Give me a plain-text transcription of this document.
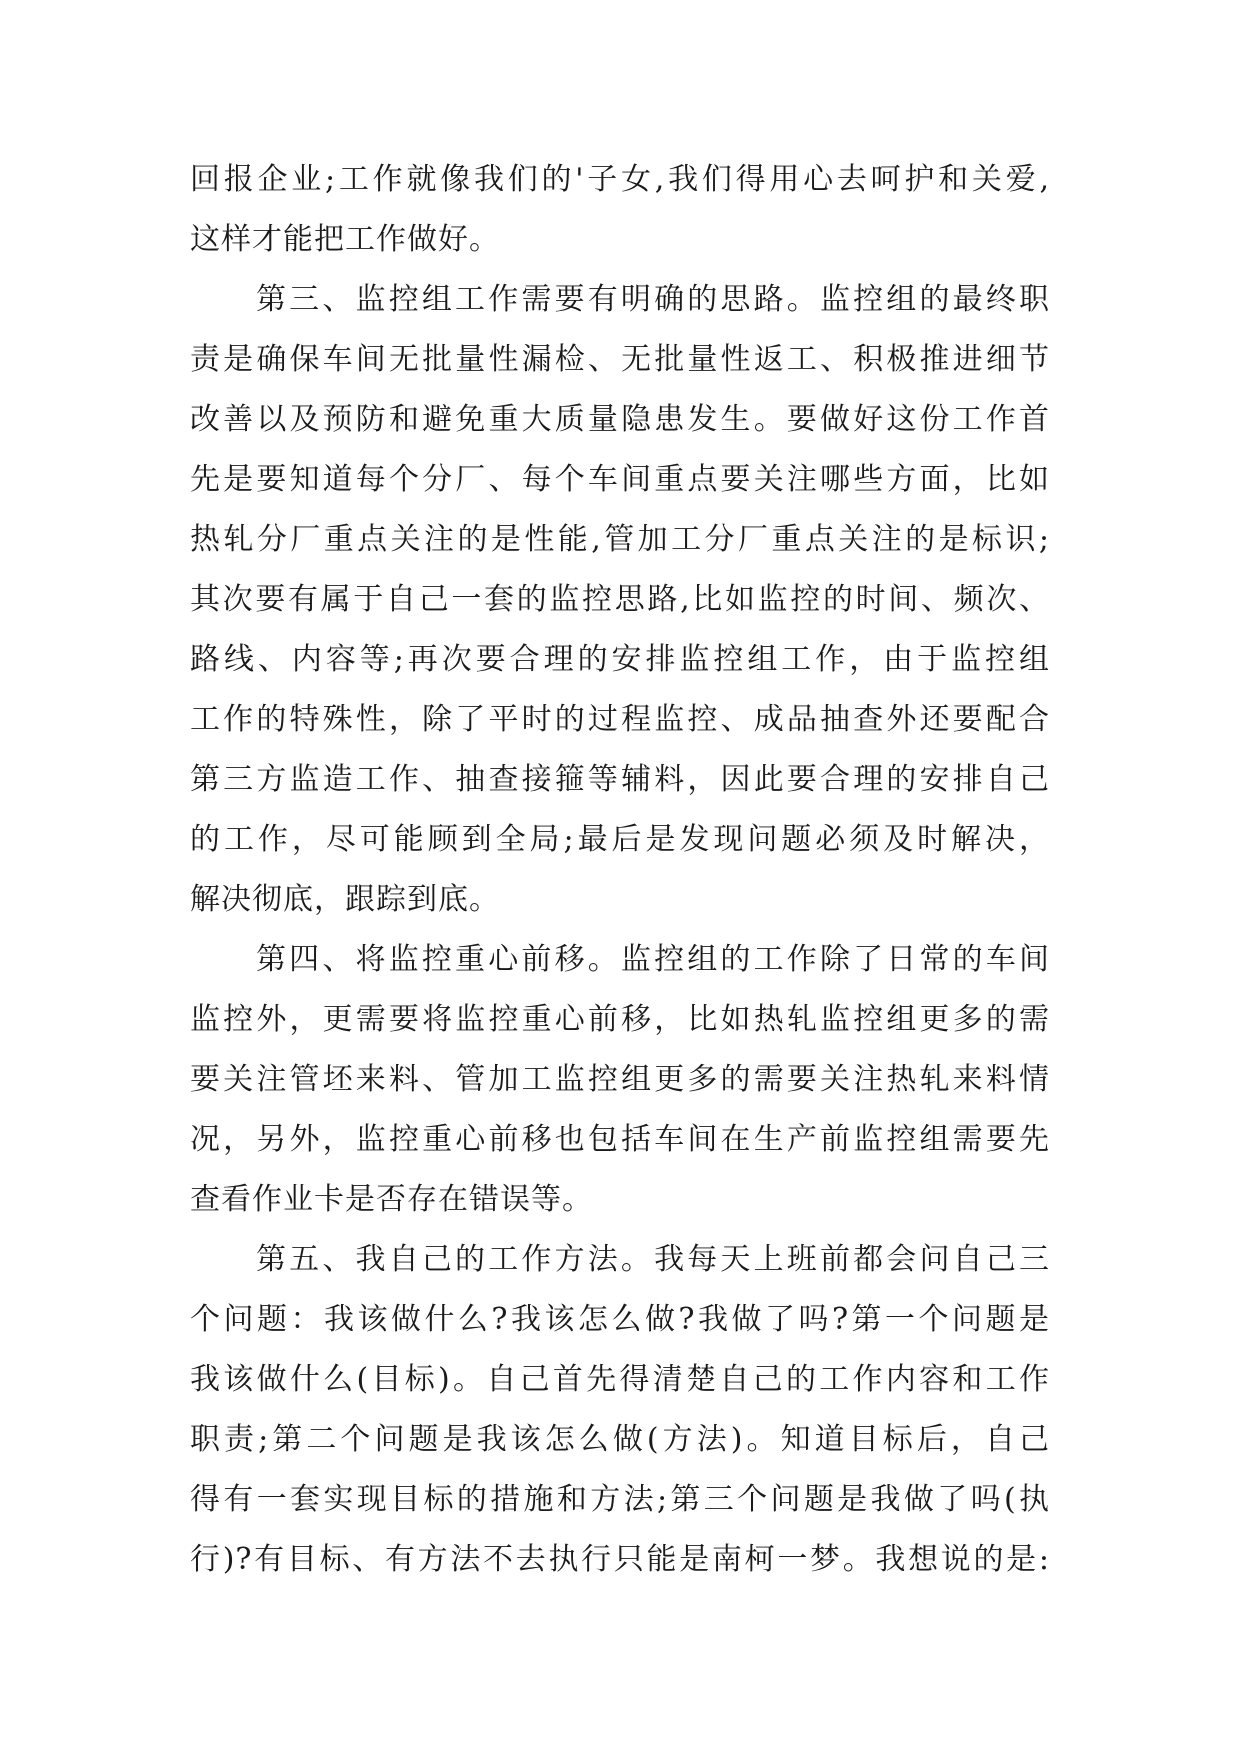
回报企业;工作就像我们的'子女,我们得用心去呵护和关爱,
这样才能把工作做好。
第三、监控组工作需要有明确的思路。监控组的最终职
责是确保车间无批量性漏检、无批量性返工、积极推进细节
改善以及预防和避免重大质量隐患发生。要做好这份工作首
先是要知道每个分厂、每个车间重点要关注哪些方面，比如
热轧分厂重点关注的是性能,管加工分厂重点关注的是标识;
其次要有属于自己一套的监控思路,比如监控的时间、频次、
路线、内容等;再次要合理的安排监控组工作，由于监控组
工作的特殊性，除了平时的过程监控、成品抽查外还要配合
第三方监造工作、抽查接箍等辅料，因此要合理的安排自己
的工作，尽可能顾到全局;最后是发现问题必须及时解决，
解决彻底，跟踪到底。
第四、将监控重心前移。监控组的工作除了日常的车间
监控外，更需要将监控重心前移，比如热轧监控组更多的需
要关注管坯来料、管加工监控组更多的需要关注热轧来料情
况，另外，监控重心前移也包括车间在生产前监控组需要先
查看作业卡是否存在错误等。
第五、我自己的工作方法。我每天上班前都会问自己三
个问题：我该做什么?我该怎么做?我做了吗?第一个问题是
我该做什么(目标)。自己首先得清楚自己的工作内容和工作
职责;第二个问题是我该怎么做(方法)。知道目标后，自己
得有一套实现目标的措施和方法;第三个问题是我做了吗(执
行)?有目标、有方法不去执行只能是南柯一梦。我想说的是:
